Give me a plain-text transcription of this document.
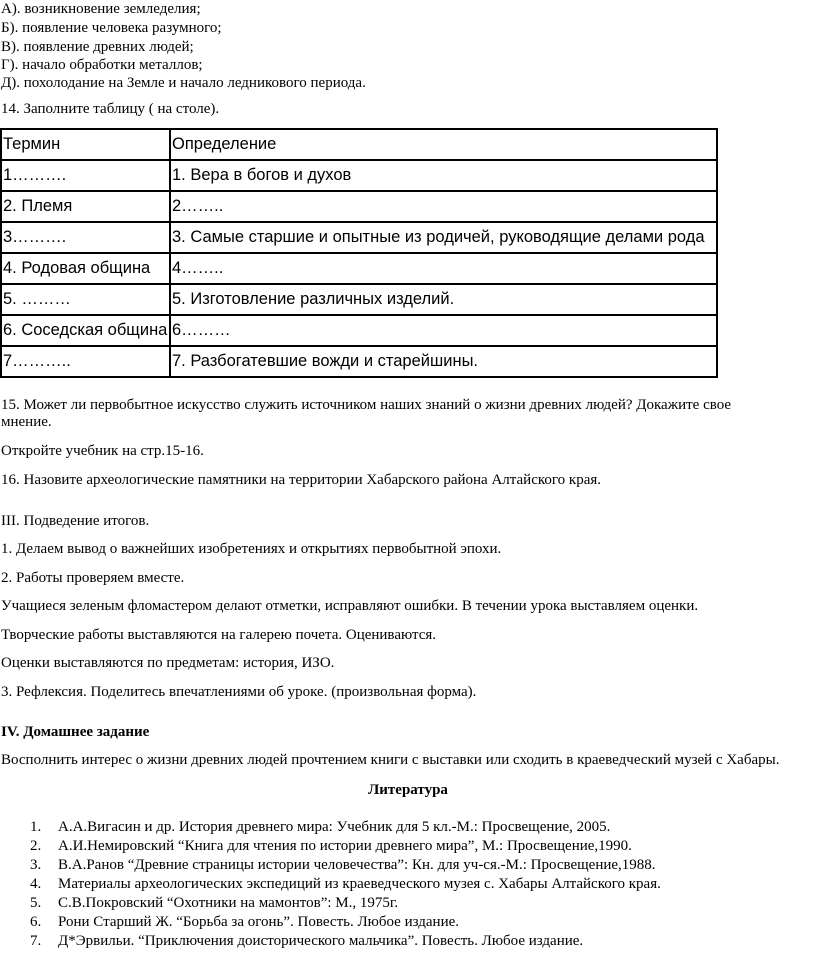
А). возникновение земледелия;
Б). появление человека разумного;
В). появление древних людей;
Г). начало обработки металлов;
Д). похолодание на Земле и начало ледникового периода.
14. Заполните таблицу ( на столе).
Термин	Определение
1……….	1. Вера в богов и духов
2. Племя	2……..
3……….	3. Самые старшие и опытные из родичей, руководящие делами рода
4. Родовая община	4……..
5. ………	5. Изготовление различных изделий.
6. Соседская община	6………
7………..	7. Разбогатевшие вожди и старейшины.
15. Может ли первобытное искусство служить источником наших знаний о жизни древних людей? Докажите свое
мнение.
Откройте учебник на стр.15-16.
16. Назовите археологические памятники на территории Хабарского района Алтайского края.
III. Подведение итогов.
1. Делаем вывод о важнейших изобретениях и открытиях первобытной эпохи.
2. Работы проверяем вместе.
Учащиеся зеленым фломастером делают отметки, исправляют ошибки. В течении урока выставляем оценки.
Творческие работы выставляются на галерею почета. Оцениваются.
Оценки выставляются по предметам: история, ИЗО.
3. Рефлексия. Поделитесь впечатлениями об уроке. (произвольная форма).
IV. Домашнее задание
Восполнить интерес о жизни древних людей прочтением книги с выставки или сходить в краеведческий музей с Хабары.
Литература
1. А.А.Вигасин и др. История древнего мира: Учебник для 5 кл.-М.: Просвещение, 2005.
2. А.И.Немировский “Книга для чтения по истории древнего мира”, М.: Просвещение,1990.
3. В.А.Ранов “Древние страницы истории человечества”: Кн. для уч-ся.-М.: Просвещение,1988.
4. Материалы археологических экспедиций из краеведческого музея с. Хабары Алтайского края.
5. С.В.Покровский “Охотники на мамонтов”: М., 1975г.
6. Рони Старший Ж. “Борьба за огонь”. Повесть. Любое издание.
7. Д*Эрвильи. “Приключения доисторического мальчика”. Повесть. Любое издание.
